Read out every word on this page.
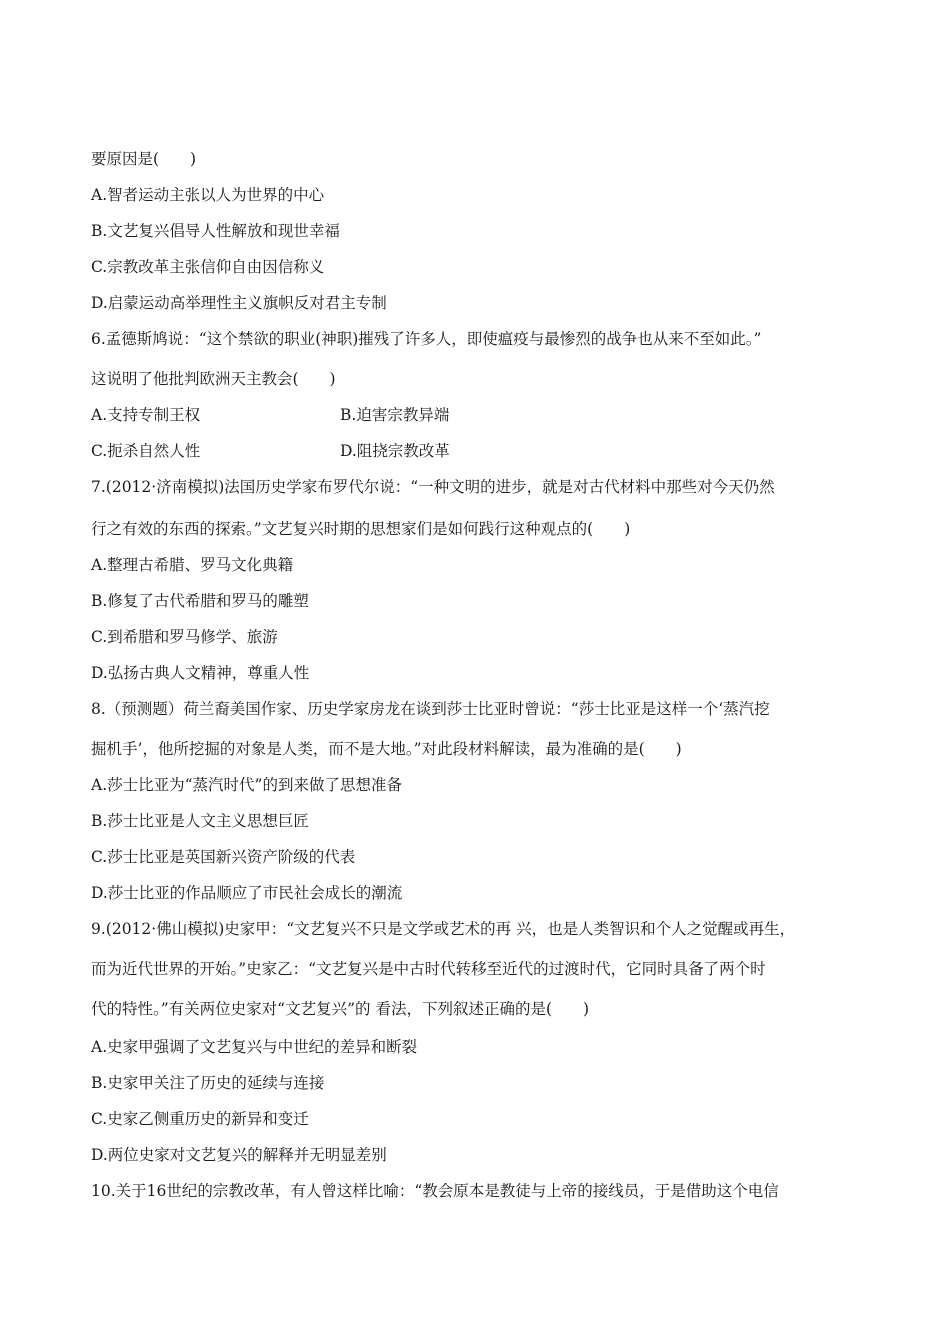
要原因是(　　)
A.智者运动主张以人为世界的中心
B.文艺复兴倡导人性解放和现世幸福
C.宗教改革主张信仰自由因信称义
D.启蒙运动高举理性主义旗帜反对君主专制
6.孟德斯鸠说：“这个禁欲的职业(神职)摧残了许多人，即使瘟疫与最惨烈的战争也从来不至如此。”
这说明了他批判欧洲天主教会(　　)
A.支持专制王权	B.迫害宗教异端
C.扼杀自然人性	D.阻挠宗教改革
7.(2012·济南模拟)法国历史学家布罗代尔说：“一种文明的进步，就是对古代材料中那些对今天仍然
行之有效的东西的探索。”文艺复兴时期的思想家们是如何践行这种观点的(　　)
A.整理古希腊、罗马文化典籍
B.修复了古代希腊和罗马的雕塑
C.到希腊和罗马修学、旅游
D.弘扬古典人文精神，尊重人性
8.（预测题）荷兰裔美国作家、历史学家房龙在谈到莎士比亚时曾说：“莎士比亚是这样一个‘蒸汽挖
掘机手’，他所挖掘的对象是人类，而不是大地。”对此段材料解读，最为准确的是(　　)
A.莎士比亚为“蒸汽时代”的到来做了思想准备
B.莎士比亚是人文主义思想巨匠
C.莎士比亚是英国新兴资产阶级的代表
D.莎士比亚的作品顺应了市民社会成长的潮流
9.(2012·佛山模拟)史家甲：“文艺复兴不只是文学或艺术的再 兴，也是人类智识和个人之觉醒或再生，
而为近代世界的开始。”史家乙：“文艺复兴是中古时代转移至近代的过渡时代，它同时具备了两个时
代的特性。”有关两位史家对“文艺复兴”的 看法，下列叙述正确的是(　　)
A.史家甲强调了文艺复兴与中世纪的差异和断裂
B.史家甲关注了历史的延续与连接
C.史家乙侧重历史的新异和变迁
D.两位史家对文艺复兴的解释并无明显差别
10.关于16世纪的宗教改革，有人曾这样比喻：“教会原本是教徒与上帝的接线员，于是借助这个电信
